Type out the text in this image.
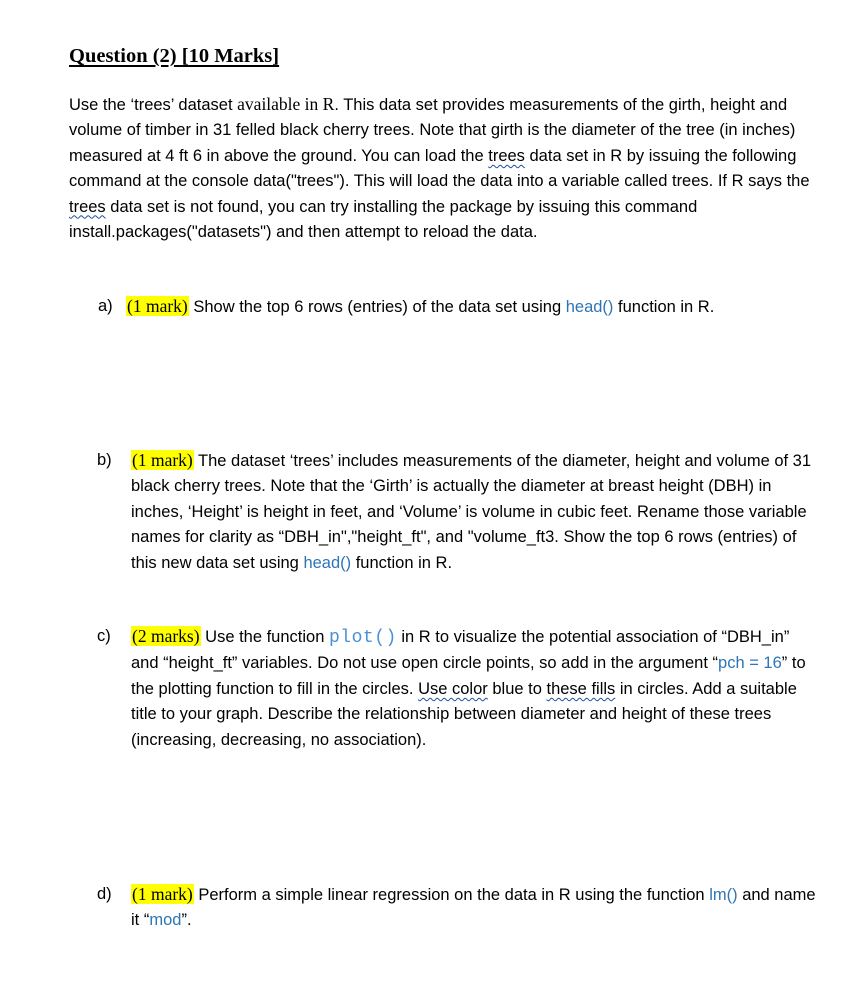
Question (2) [10 Marks]

Use the ‘trees’ dataset available in R. This data set provides measurements of the girth, height and volume of timber in 31 felled black cherry trees. Note that girth is the diameter of the tree (in inches) measured at 4 ft 6 in above the ground. You can load the trees data set in R by issuing the following command at the console data("trees"). This will load the data into a variable called trees. If R says the trees data set is not found, you can try installing the package by issuing this command install.packages("datasets") and then attempt to reload the data.

a) (1 mark) Show the top 6 rows (entries) of the data set using head() function in R.

b) (1 mark) The dataset ‘trees’ includes measurements of the diameter, height and volume of 31 black cherry trees. Note that the ‘Girth’ is actually the diameter at breast height (DBH) in inches, ‘Height’ is height in feet, and ‘Volume’ is volume in cubic feet. Rename those variable names for clarity as “DBH_in","height_ft", and "volume_ft3. Show the top 6 rows (entries) of this new data set using head() function in R.

c) (2 marks) Use the function plot() in R to visualize the potential association of “DBH_in” and “height_ft” variables. Do not use open circle points, so add in the argument “pch = 16” to the plotting function to fill in the circles. Use color blue to these fills in circles. Add a suitable title to your graph. Describe the relationship between diameter and height of these trees (increasing, decreasing, no association).

d) (1 mark) Perform a simple linear regression on the data in R using the function lm() and name it “mod”.
